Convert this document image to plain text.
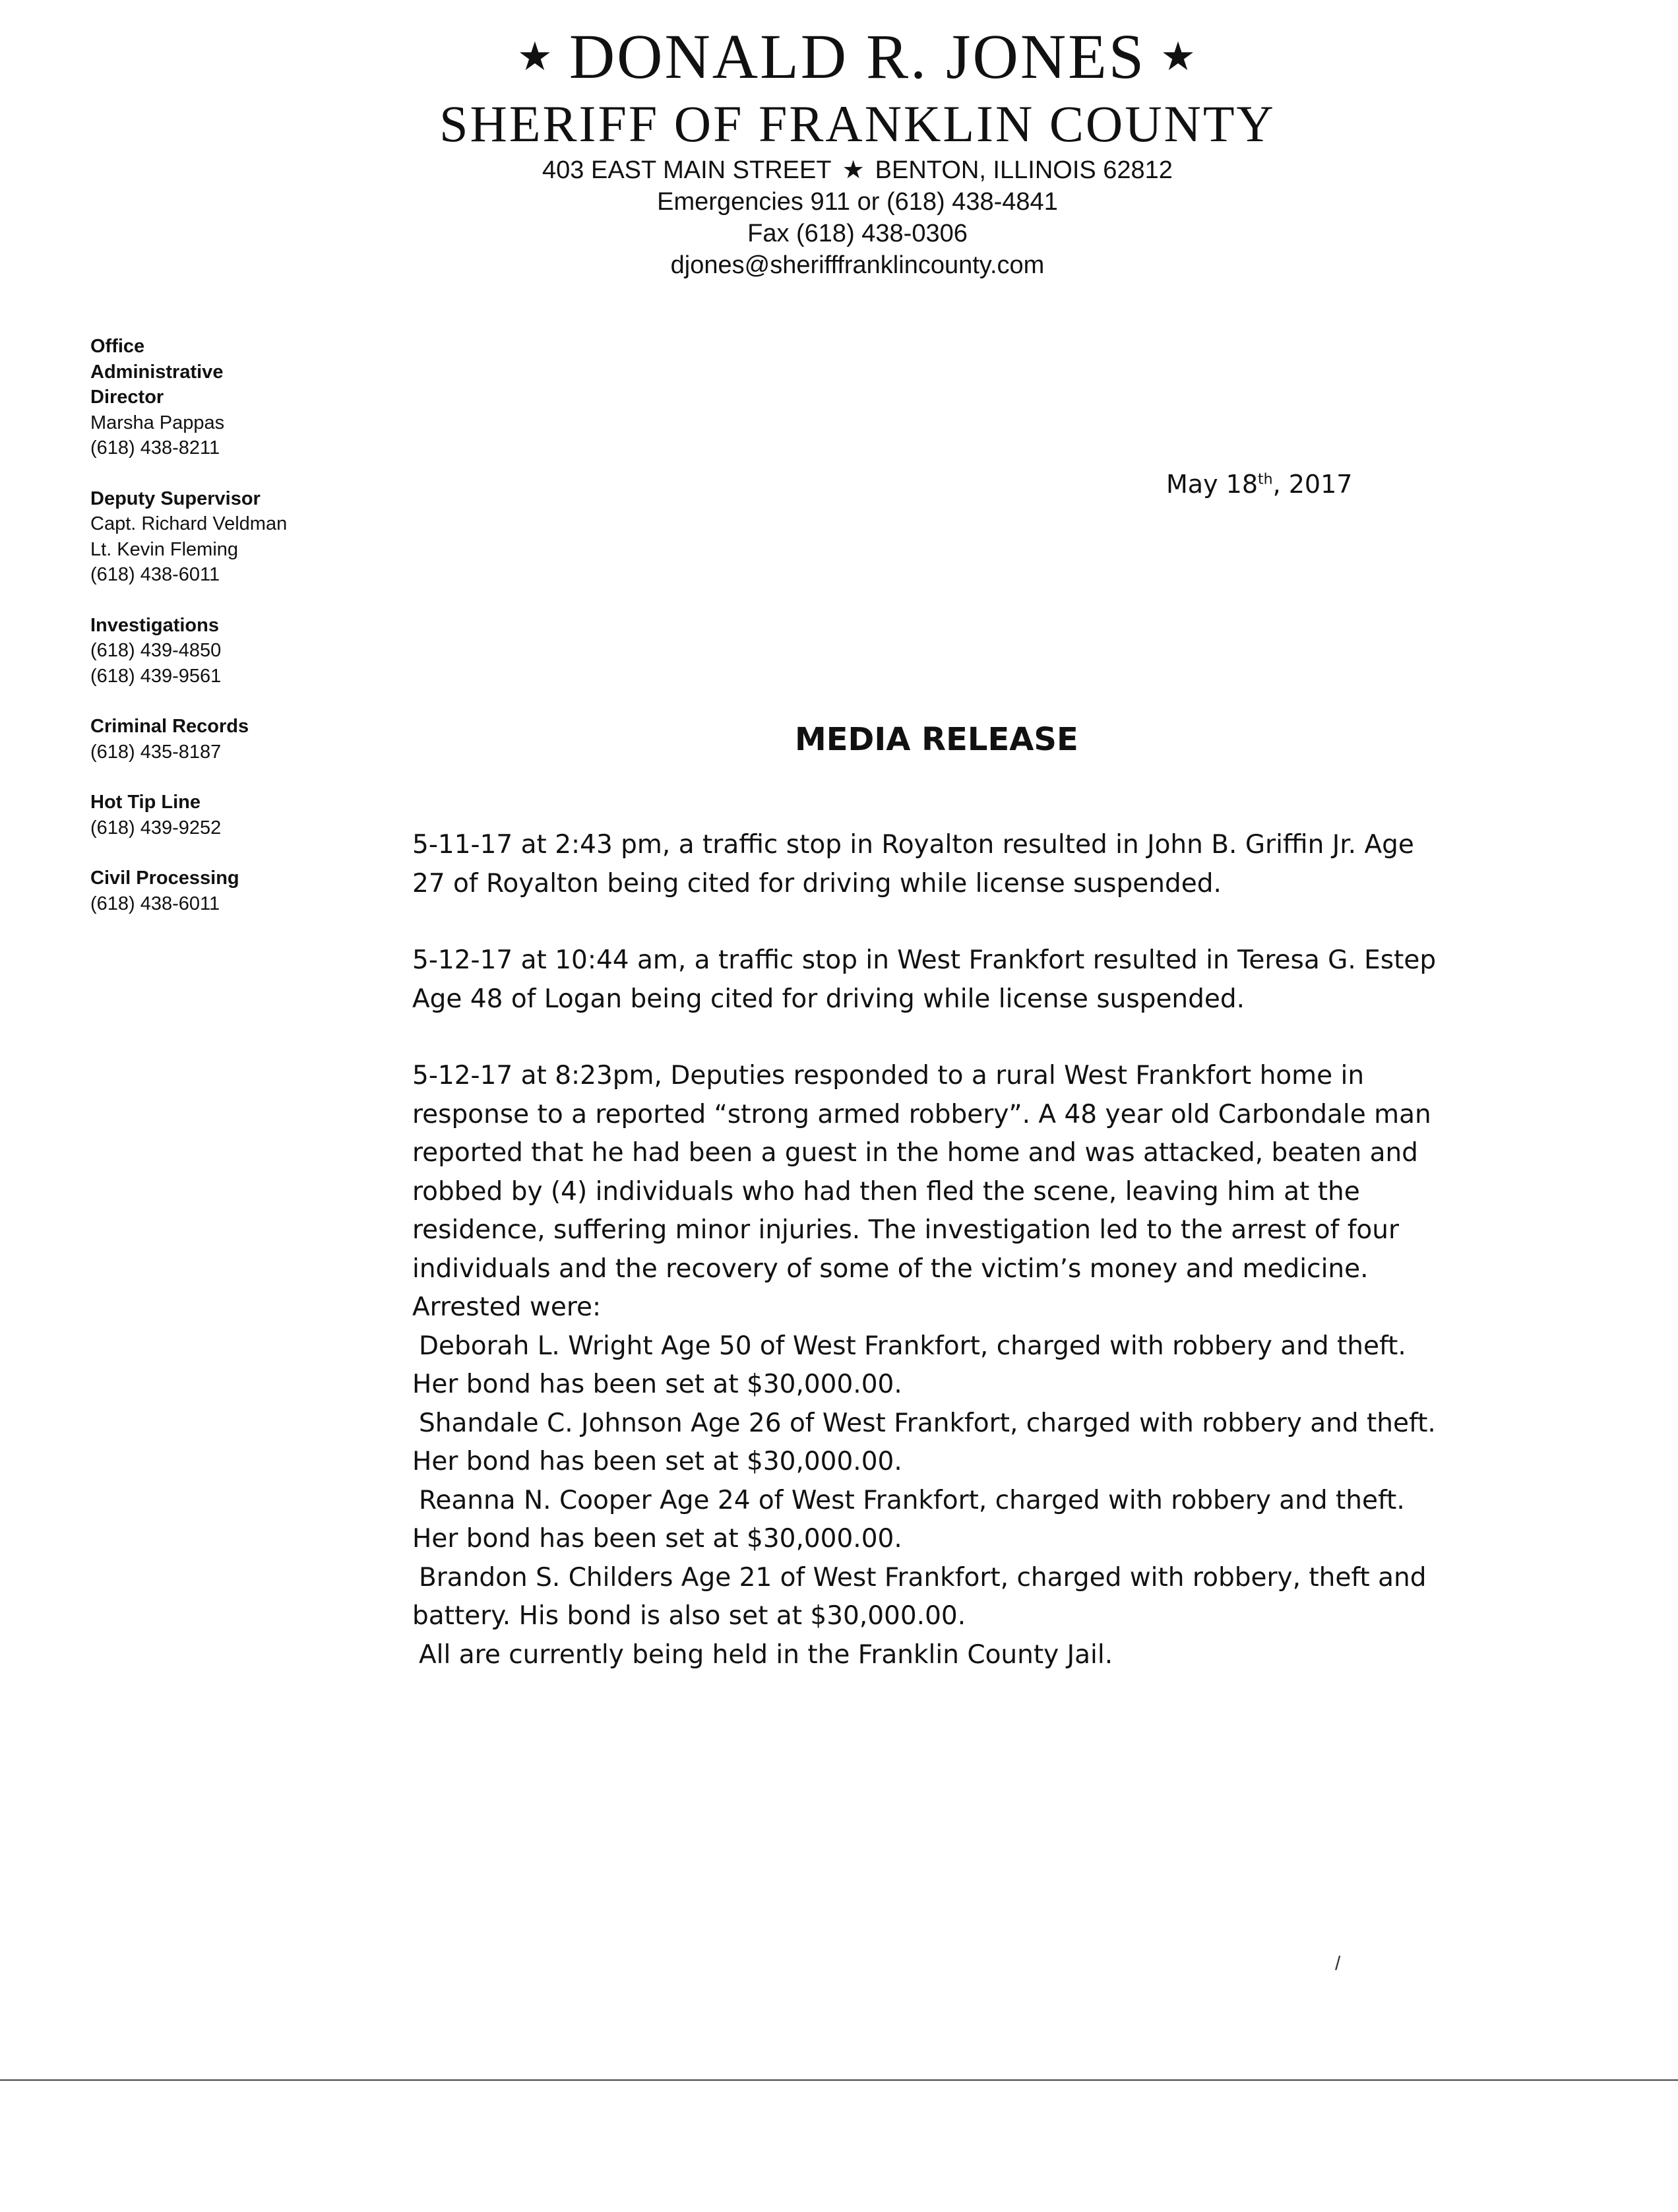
★ DONALD R. JONES ★
SHERIFF OF FRANKLIN COUNTY
403 EAST MAIN STREET ★ BENTON, ILLINOIS 62812
Emergencies 911 or (618) 438-4841
Fax (618) 438-0306
djones@sherifffranklincounty.com
Office Administrative Director
Marsha Pappas
(618) 438-8211
Deputy Supervisor
Capt. Richard Veldman
Lt. Kevin Fleming
(618) 438-6011
Investigations
(618) 439-4850
(618) 439-9561
Criminal Records
(618) 435-8187
Hot Tip Line
(618) 439-9252
Civil Processing
(618) 438-6011
May 18th, 2017
MEDIA RELEASE

5-11-17 at 2:43 pm, a traffic stop in Royalton resulted in John B. Griffin Jr. Age 27 of Royalton being cited for driving while license suspended.

5-12-17 at 10:44 am, a traffic stop in West Frankfort resulted in Teresa G. Estep Age 48 of Logan being cited for driving while license suspended.

5-12-17 at 8:23pm, Deputies responded to a rural West Frankfort home in response to a reported “strong armed robbery”. A 48 year old Carbondale man reported that he had been a guest in the home and was attacked, beaten and robbed by (4) individuals who had then fled the scene, leaving him at the residence, suffering minor injuries. The investigation led to the arrest of four individuals and the recovery of some of the victim’s money and medicine.

Arrested were:
Deborah L. Wright Age 50 of West Frankfort, charged with robbery and theft.
Her bond has been set at $30,000.00.
Shandale C. Johnson Age 26 of West Frankfort, charged with robbery and theft.
Her bond has been set at $30,000.00.
Reanna N. Cooper Age 24 of West Frankfort, charged with robbery and theft.
Her bond has been set at $30,000.00.
Brandon S. Childers Age 21 of West Frankfort, charged with robbery, theft and
battery. His bond is also set at $30,000.00.
All are currently being held in the Franklin County Jail.
/
